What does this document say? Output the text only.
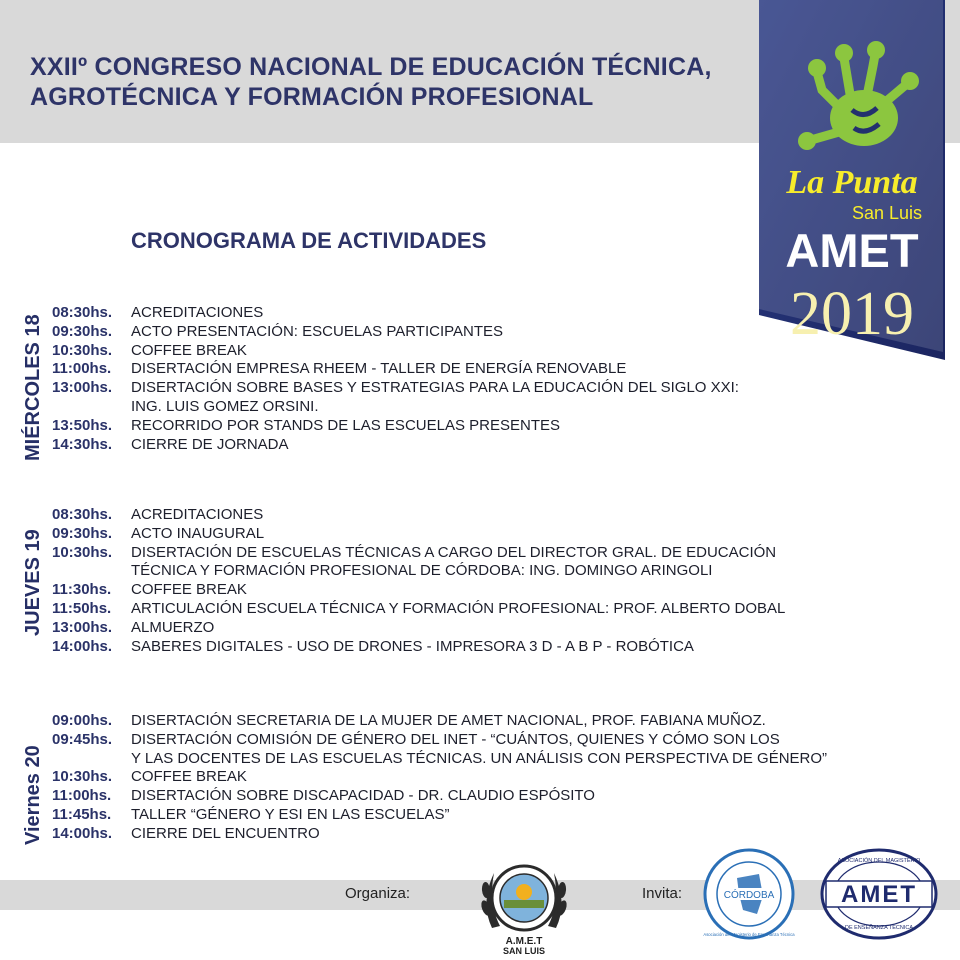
XXIIº CONGRESO NACIONAL DE EDUCACIÓN TÉCNICA,
AGROTÉCNICA Y FORMACIÓN PROFESIONAL
La Punta
San Luis
AMET
2019
CRONOGRAMA DE ACTIVIDADES
MIÉRCOLES 18
JUEVES 19
Viernes 20
08:30hs.	ACREDITACIONES
09:30hs.	ACTO PRESENTACIÓN: ESCUELAS PARTICIPANTES
10:30hs.	COFFEE BREAK
11:00hs.	DISERTACIÓN EMPRESA RHEEM - TALLER DE ENERGÍA RENOVABLE
13:00hs.	DISERTACIÓN SOBRE BASES Y ESTRATEGIAS PARA LA EDUCACIÓN DEL SIGLO XXI:
ING. LUIS GOMEZ ORSINI.
13:50hs.	RECORRIDO POR STANDS DE LAS ESCUELAS PRESENTES
14:30hs.	CIERRE DE JORNADA
08:30hs.	ACREDITACIONES
09:30hs.	ACTO INAUGURAL
10:30hs.	DISERTACIÓN DE ESCUELAS TÉCNICAS A CARGO DEL DIRECTOR GRAL. DE EDUCACIÓN
TÉCNICA Y FORMACIÓN PROFESIONAL DE CÓRDOBA: ING. DOMINGO ARINGOLI
11:30hs.	COFFEE BREAK
11:50hs.	ARTICULACIÓN ESCUELA TÉCNICA Y FORMACIÓN PROFESIONAL: PROF. ALBERTO DOBAL
13:00hs.	ALMUERZO
14:00hs.	SABERES DIGITALES - USO DE DRONES - IMPRESORA 3 D - A B P - ROBÓTICA
09:00hs.	DISERTACIÓN SECRETARIA DE LA MUJER DE AMET NACIONAL, PROF. FABIANA MUÑOZ.
09:45hs.	DISERTACIÓN COMISIÓN DE GÉNERO DEL INET - “CUÁNTOS, QUIENES Y CÓMO SON LOS
Y LAS DOCENTES DE LAS ESCUELAS TÉCNICAS. UN ANÁLISIS CON PERSPECTIVA DE GÉNERO”
10:30hs.	COFFEE BREAK
11:00hs.	DISERTACIÓN SOBRE DISCAPACIDAD - DR. CLAUDIO ESPÓSITO
11:45hs.	TALLER “GÉNERO Y ESI EN LAS ESCUELAS”
14:00hs.	CIERRE DEL ENCUENTRO
Organiza:	Invita:
A.M.E.T
SAN LUIS
CÓRDOBA
Asociación del Magisterio de Enseñanza Técnica
ASOCIACIÓN DEL MAGISTERIO
AMET
DE ENSEÑANZA TÉCNICA
